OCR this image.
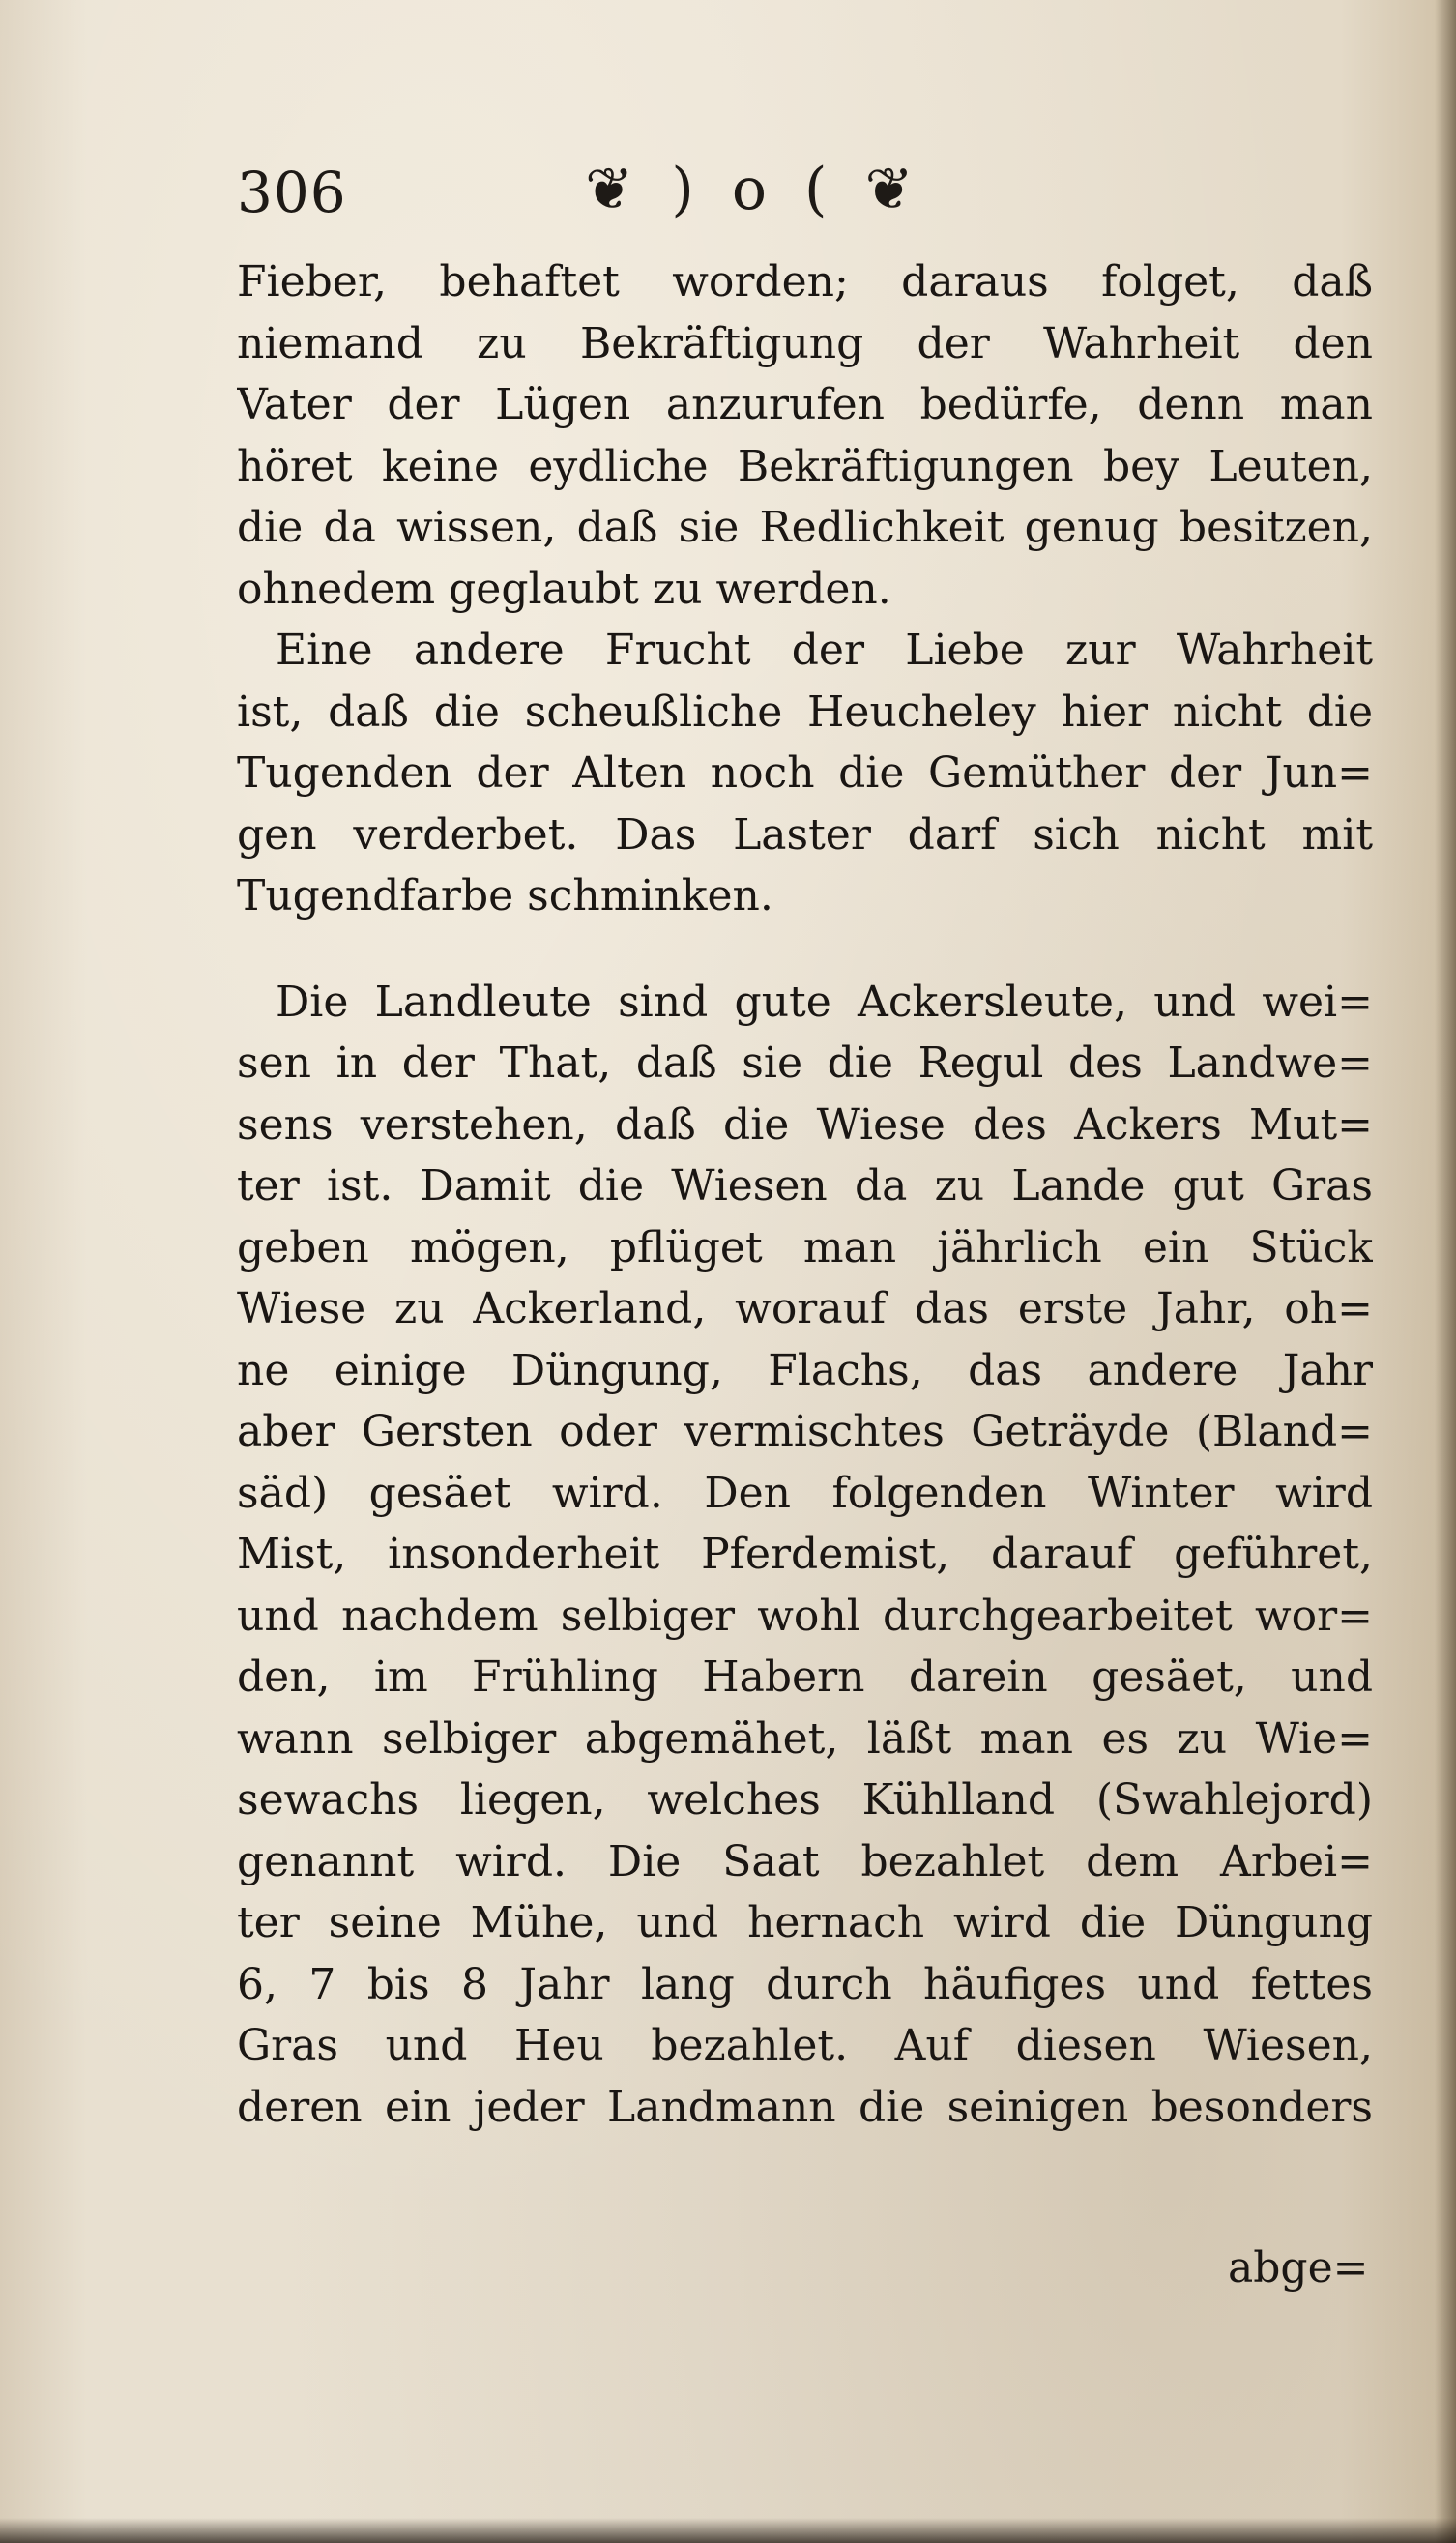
306	❦ ) o ( ❦
Fieber, behaftet worden; daraus folget, daß
niemand zu Bekräftigung der Wahrheit den
Vater der Lügen anzurufen bedürfe, denn man
höret keine eydliche Bekräftigungen bey Leuten,
die da wissen, daß sie Redlichkeit genug besitzen,
ohnedem geglaubt zu werden.
Eine andere Frucht der Liebe zur Wahrheit
ist, daß die scheußliche Heucheley hier nicht die
Tugenden der Alten noch die Gemüther der Jun=
gen verderbet. Das Laster darf sich nicht mit
Tugendfarbe schminken.
Die Landleute sind gute Ackersleute, und wei=
sen in der That, daß sie die Regul des Landwe=
sens verstehen, daß die Wiese des Ackers Mut=
ter ist. Damit die Wiesen da zu Lande gut Gras
geben mögen, pflüget man jährlich ein Stück
Wiese zu Ackerland, worauf das erste Jahr, oh=
ne einige Düngung, Flachs, das andere Jahr
aber Gersten oder vermischtes Geträyde (Bland=
säd) gesäet wird. Den folgenden Winter wird
Mist, insonderheit Pferdemist, darauf geführet,
und nachdem selbiger wohl durchgearbeitet wor=
den, im Frühling Habern darein gesäet, und
wann selbiger abgemähet, läßt man es zu Wie=
sewachs liegen, welches Kühlland (Swahlejord)
genannt wird. Die Saat bezahlet dem Arbei=
ter seine Mühe, und hernach wird die Düngung
6, 7 bis 8 Jahr lang durch häufiges und fettes
Gras und Heu bezahlet. Auf diesen Wiesen,
deren ein jeder Landmann die seinigen besonders
abge=
